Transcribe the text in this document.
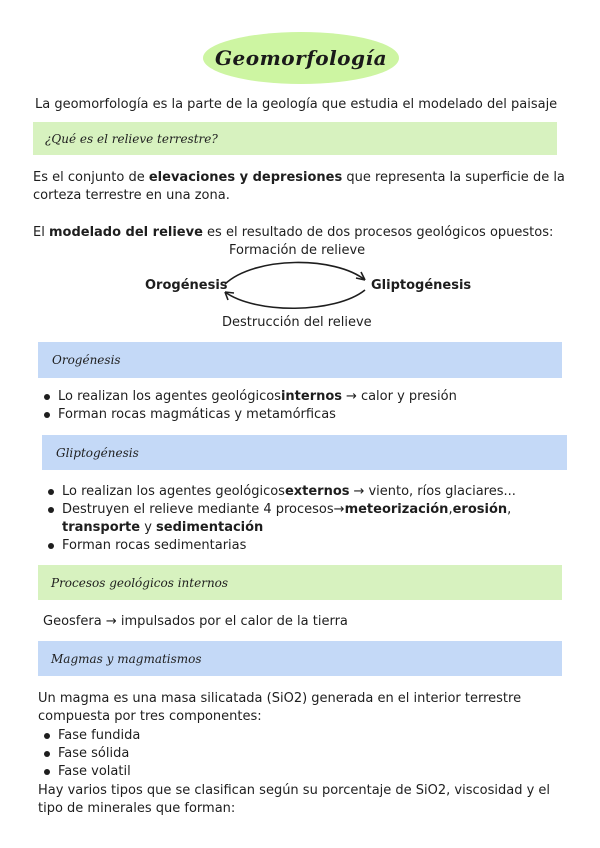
Geomorfología
La geomorfología es la parte de la geología que estudia el modelado del paisaje
¿Qué es el relieve terrestre?
Es el conjunto de elevaciones y depresiones que representa la superficie de la
corteza terrestre en una zona.
El modelado del relieve es el resultado de dos procesos geológicos opuestos:
Formación de relieve
Orogénesis	Gliptogénesis
Destrucción del relieve
Orogénesis
Lo realizan los agentes geológicos internos → calor y presión
Forman rocas magmáticas y metamórficas
Gliptogénesis
Lo realizan los agentes geológicos externos → viento, ríos glaciares...
Destruyen el relieve mediante 4 procesos → meteorización , erosión ,
transporte y sedimentación
Forman rocas sedimentarias
Procesos geológicos internos
Geosfera → impulsados por el calor de la tierra
Magmas y magmatismos
Un magma es una masa silicatada (SiO2) generada en el interior terrestre
compuesta por tres componentes:
Fase fundida
Fase sólida
Fase volatil
Hay varios tipos que se clasifican según su porcentaje de SiO2, viscosidad y el
tipo de minerales que forman:
